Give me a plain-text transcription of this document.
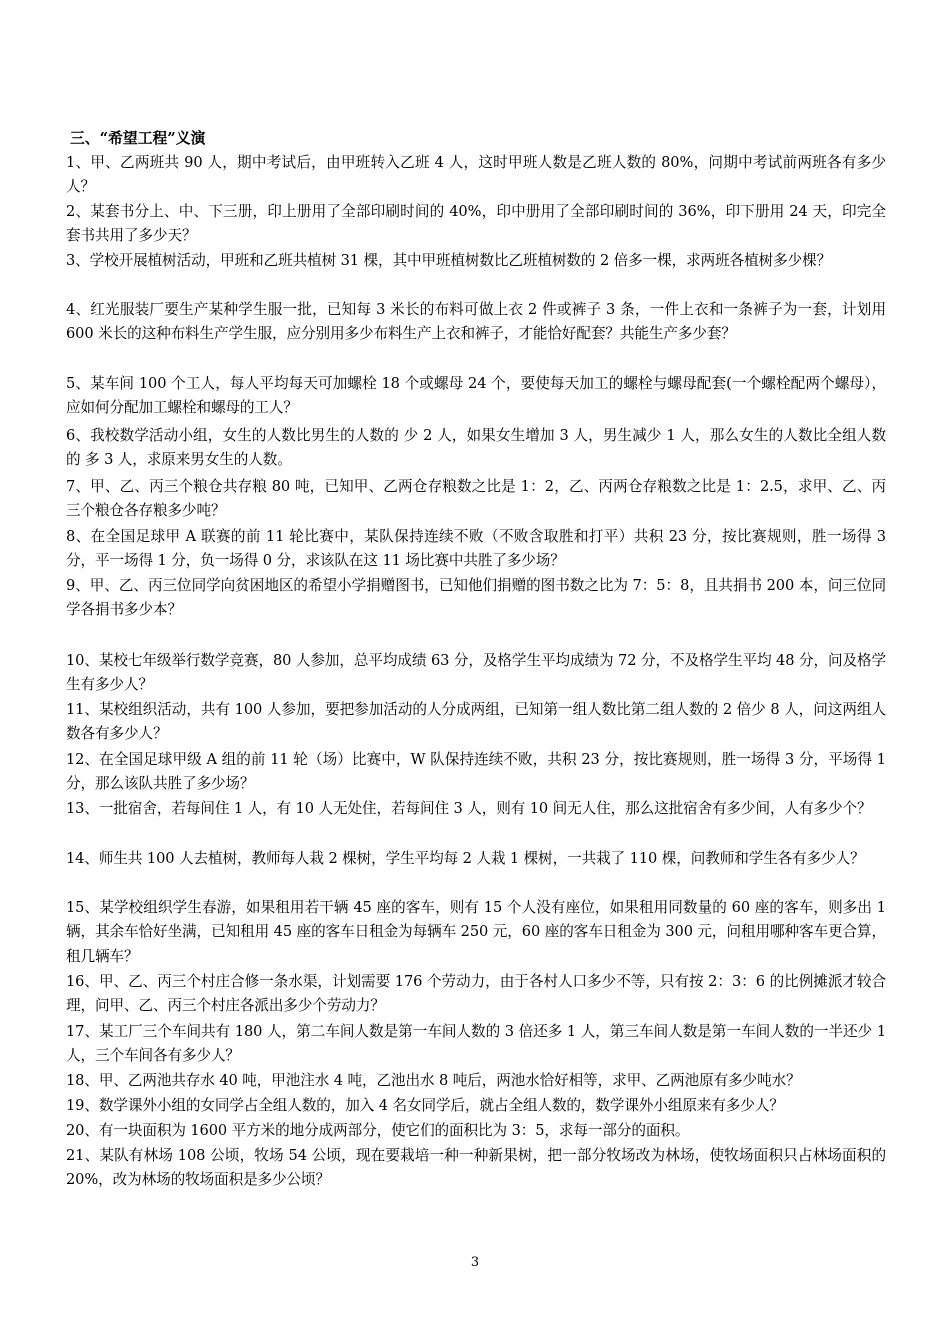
三、“希望工程”义演
1、甲、乙两班共 90 人，期中考试后，由甲班转入乙班 4 人，这时甲班人数是乙班人数的 80%，问期中考试前两班各有多少人？
2、某套书分上、中、下三册，印上册用了全部印刷时间的 40%，印中册用了全部印刷时间的 36%，印下册用 24 天，印完全套书共用了多少天？
3、学校开展植树活动，甲班和乙班共植树 31 棵，其中甲班植树数比乙班植树数的 2 倍多一棵，求两班各植树多少棵？
4、红光服装厂要生产某种学生服一批，已知每 3 米长的布料可做上衣 2 件或裤子 3 条，一件上衣和一条裤子为一套，计划用 600 米长的这种布料生产学生服，应分别用多少布料生产上衣和裤子，才能恰好配套？共能生产多少套？
5、某车间 100 个工人，每人平均每天可加螺栓 18 个或螺母 24 个，要使每天加工的螺栓与螺母配套(一个螺栓配两个螺母），应如何分配加工螺栓和螺母的工人？
6、我校数学活动小组，女生的人数比男生的人数的 少 2 人，如果女生增加 3 人，男生减少 1 人，那么女生的人数比全组人数的 多 3 人，求原来男女生的人数。
7、甲、乙、丙三个粮仓共存粮 80 吨，已知甲、乙两仓存粮数之比是 1：2，乙、丙两仓存粮数之比是 1：2.5，求甲、乙、丙三个粮仓各存粮多少吨？
8、在全国足球甲 A 联赛的前 11 轮比赛中，某队保持连续不败（不败含取胜和打平）共积 23 分，按比赛规则，胜一场得 3 分，平一场得 1 分，负一场得 0 分，求该队在这 11 场比赛中共胜了多少场？
9、甲、乙、丙三位同学向贫困地区的希望小学捐赠图书，已知他们捐赠的图书数之比为 7：5：8，且共捐书 200 本，问三位同学各捐书多少本？
10、某校七年级举行数学竞赛，80 人参加，总平均成绩 63 分，及格学生平均成绩为 72 分，不及格学生平均 48 分，问及格学生有多少人？
11、某校组织活动，共有 100 人参加，要把参加活动的人分成两组，已知第一组人数比第二组人数的 2 倍少 8 人，问这两组人数各有多少人？
12、在全国足球甲级 A 组的前 11 轮（场）比赛中，W 队保持连续不败，共积 23 分，按比赛规则，胜一场得 3 分，平场得 1 分，那么该队共胜了多少场？
13、一批宿舍，若每间住 1 人，有 10 人无处住，若每间住 3 人，则有 10 间无人住，那么这批宿舍有多少间，人有多少个？
14、师生共 100 人去植树，教师每人栽 2 棵树，学生平均每 2 人栽 1 棵树，一共栽了 110 棵，问教师和学生各有多少人？
15、某学校组织学生春游，如果租用若干辆 45 座的客车，则有 15 个人没有座位，如果租用同数量的 60 座的客车，则多出 1 辆，其余车恰好坐满，已知租用 45 座的客车日租金为每辆车 250 元，60 座的客车日租金为 300 元，问租用哪种客车更合算，租几辆车？
16、甲、乙、丙三个村庄合修一条水渠，计划需要 176 个劳动力，由于各村人口多少不等，只有按 2：3：6 的比例摊派才较合理，问甲、乙、丙三个村庄各派出多少个劳动力？
17、某工厂三个车间共有 180 人，第二车间人数是第一车间人数的 3 倍还多 1 人，第三车间人数是第一车间人数的一半还少 1 人，三个车间各有多少人？
18、甲、乙两池共存水 40 吨，甲池注水 4 吨，乙池出水 8 吨后，两池水恰好相等，求甲、乙两池原有多少吨水？
19、数学课外小组的女同学占全组人数的，加入 4 名女同学后，就占全组人数的，数学课外小组原来有多少人？
20、有一块面积为 1600 平方米的地分成两部分，使它们的面积比为 3：5，求每一部分的面积。
21、某队有林场 108 公顷，牧场 54 公顷，现在要栽培一种一种新果树，把一部分牧场改为林场，使牧场面积只占林场面积的 20%，改为林场的牧场面积是多少公顷？
3
